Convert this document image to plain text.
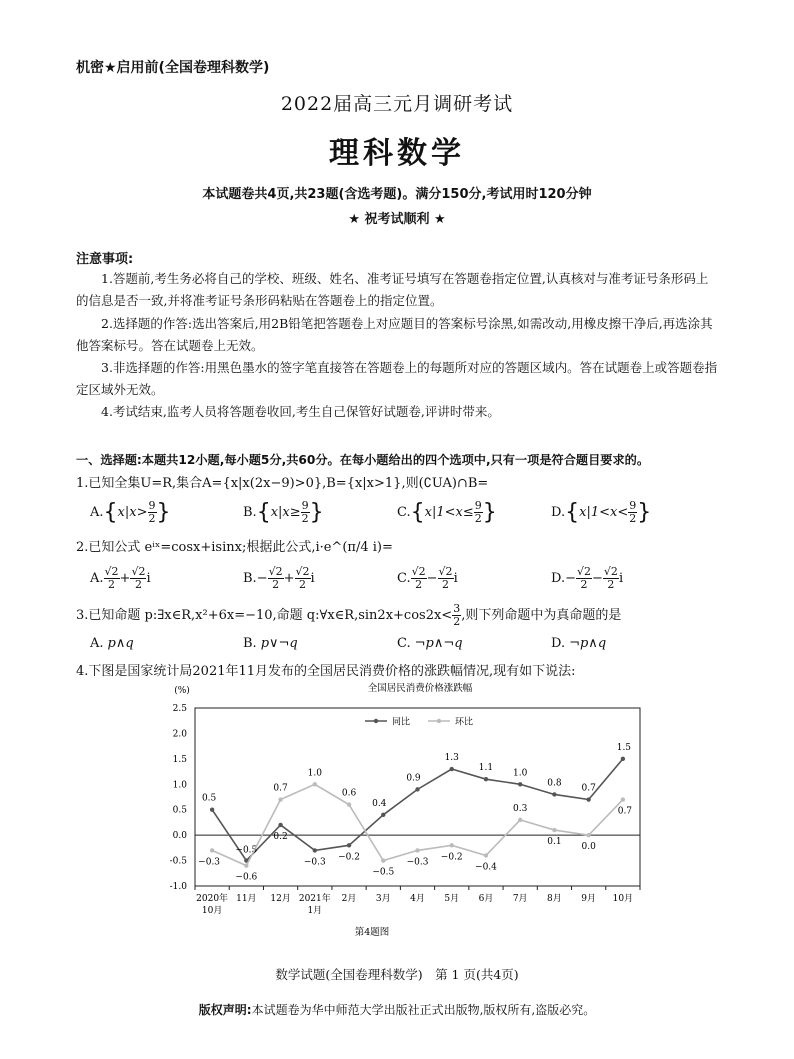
机密★启用前(全国卷理科数学)
2022届高三元月调研考试
理科数学
本试题卷共4页,共23题(含选考题)。满分150分,考试用时120分钟
★ 祝考试顺利 ★
注意事项:
1.答题前,考生务必将自己的学校、班级、姓名、准考证号填写在答题卷指定位置,认真核对与准考证号条形码上的信息是否一致,并将准考证号条形码粘贴在答题卷上的指定位置。
2.选择题的作答:选出答案后,用2B铅笔把答题卷上对应题目的答案标号涂黑,如需改动,用橡皮擦干净后,再选涂其他答案标号。答在试题卷上无效。
3.非选择题的作答:用黑色墨水的签字笔直接答在答题卷上的每题所对应的答题区域内。答在试题卷上或答题卷指定区域外无效。
4.考试结束,监考人员将答题卷收回,考生自己保管好试题卷,评讲时带来。
一、选择题:本题共12小题,每小题5分,共60分。在每小题给出的四个选项中,只有一项是符合题目要求的。
1.已知全集U=R,集合A={x|x(2x−9)>0},B={x|x>1},则(∁UA)∩B=
2.已知公式 eⁱˣ=cosx+isinx;根据此公式,i·e^(π/4 i)=
3.已知命题 p:∃x∈R,x²+6x=−10,命题 q:∀x∈R,sin2x+cos2x< $\frac{3}{2}$ ,则下列命题中为真命题的是
4.下图是国家统计局2021年11月发布的全国居民消费价格的涨跌幅情况,现有如下说法:
全国居民消费价格涨跌幅
(%)
2.5
2.0
1.5
1.0
0.5
0.0
-0.5
-1.0
2020年
10月
11月 12月 2021年
1月
2月 3月 4月 5月 6月 7月 8月 9月 10月
同比	环比
0.5
−0.5
0.2
−0.3
−0.2
0.4
0.9
1.3
1.1
1.0
0.8
0.7
1.5
−0.3
−0.6
0.7
1.0
0.6
−0.5
−0.3
−0.2
−0.4
0.3
0.1
0.0
0.7
第4题图
数学试题(全国卷理科数学)　第 1 页(共4页)
版权声明:本试题卷为华中师范大学出版社正式出版物,版权所有,盗版必究。
$A.\{x|x> \frac{9}{2}$ }	$B.\{x|x\ge \frac{9}{2}$ }	$C.\{x|1<x\le \frac{9}{2}$ }	$D.\{x|1<x< \frac{9}{2}$ }
A. $\frac{√2}{2} + \frac{√2}{2}$ i	$B.- \frac{√2}{2} + \frac{√2}{2}$ i	C. $\frac{√2}{2} - \frac{√2}{2}$ i	$D.- \frac{√2}{2} - \frac{√2}{2}$ i
A. p∧q	B. p∨¬q	C. ¬p∧¬q	D. ¬p∧q
